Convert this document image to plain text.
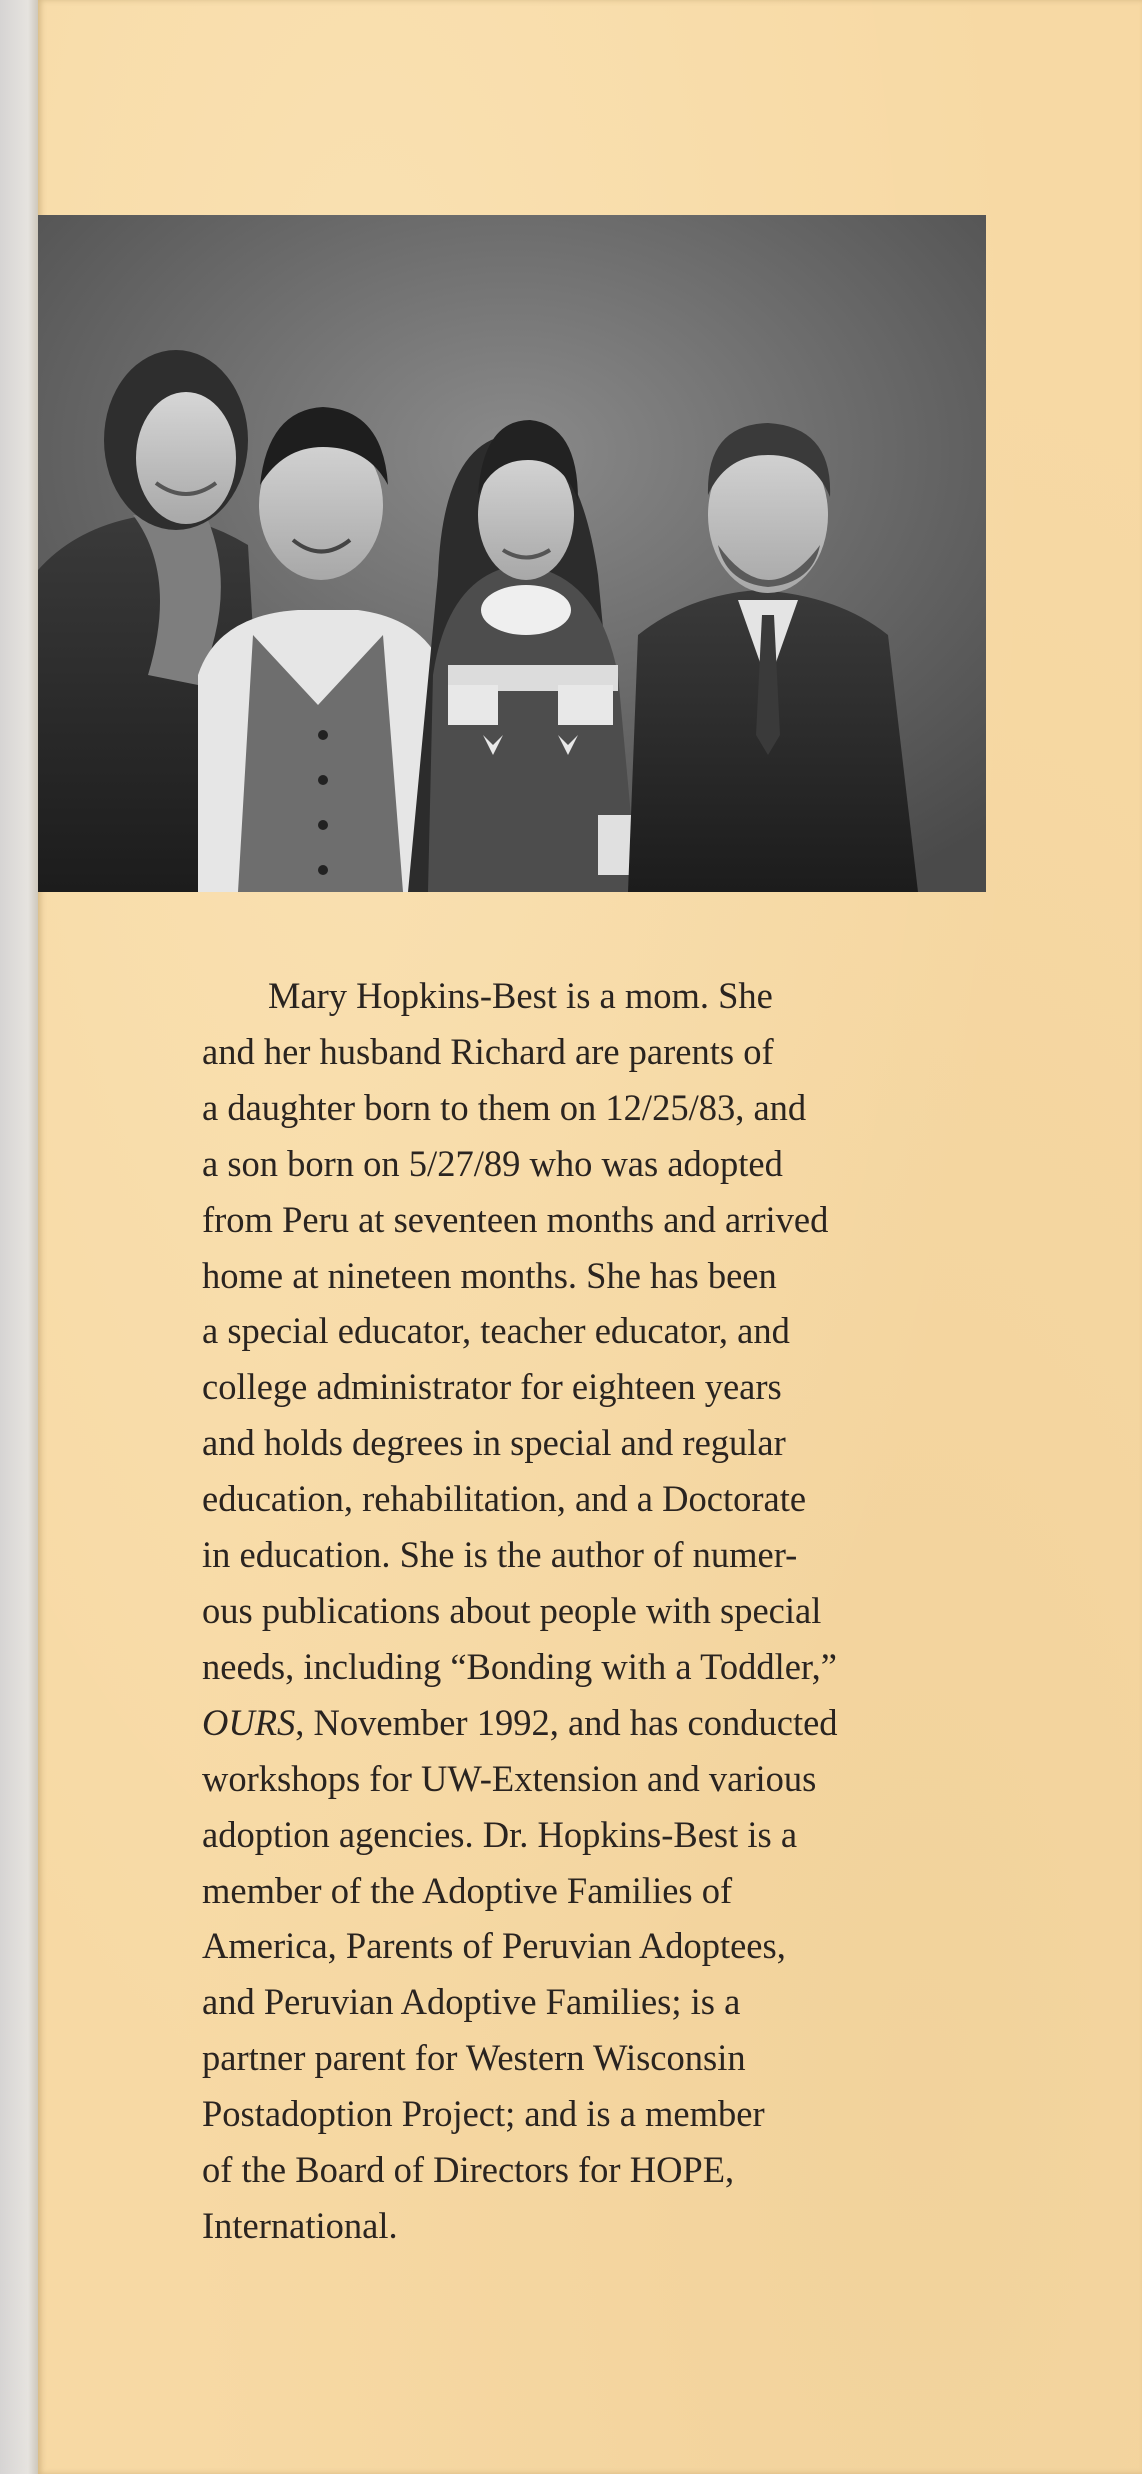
Mary Hopkins-Best is a mom. She
and her husband Richard are parents of
a daughter born to them on 12/25/83, and
a son born on 5/27/89 who was adopted
from Peru at seventeen months and arrived
home at nineteen months. She has been
a special educator, teacher educator, and
college administrator for eighteen years
and holds degrees in special and regular
education, rehabilitation, and a Doctorate
in education. She is the author of numer-
ous publications about people with special
needs, including “Bonding with a Toddler,”
OURS, November 1992, and has conducted
workshops for UW-Extension and various
adoption agencies. Dr. Hopkins-Best is a
member of the Adoptive Families of
America, Parents of Peruvian Adoptees,
and Peruvian Adoptive Families; is a
partner parent for Western Wisconsin
Postadoption Project; and is a member
of the Board of Directors for HOPE,
International.
